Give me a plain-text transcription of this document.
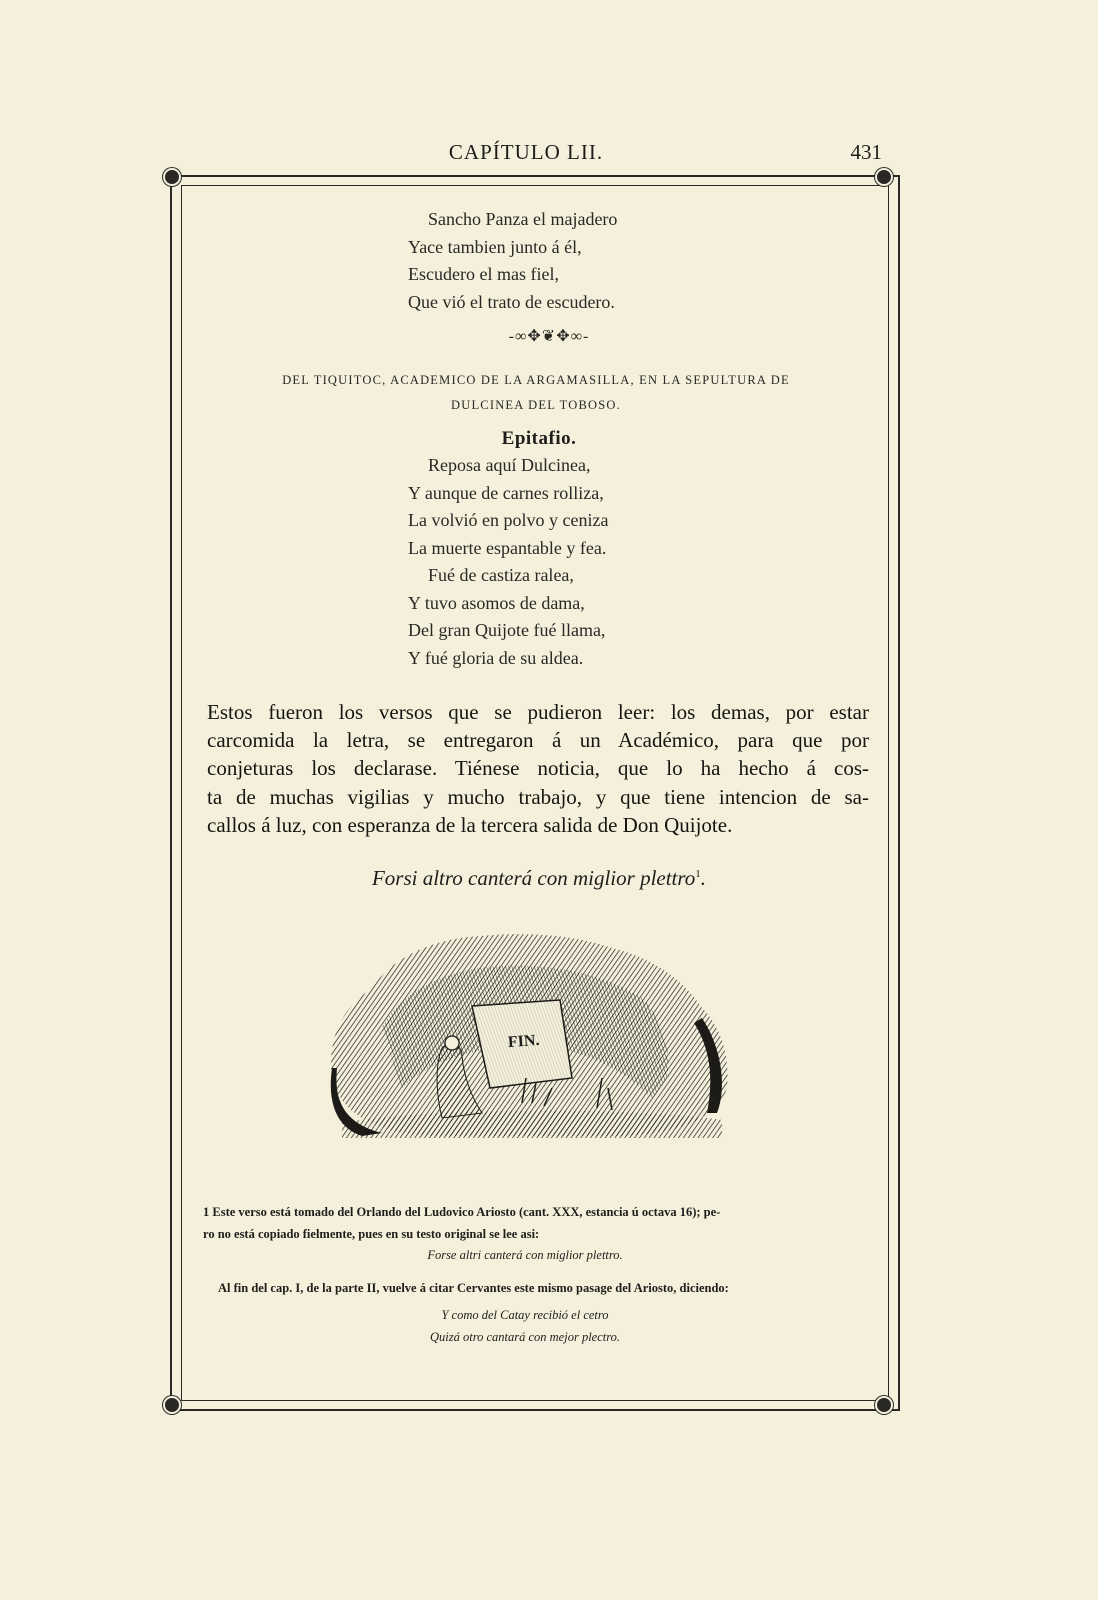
CAPÍTULO LII.	431
Sancho Panza el majadero
Yace tambien junto á él,
Escudero el mas fiel,
Que vió el trato de escudero.
-∞✥❦✥∞-
DEL TIQUITOC, ACADEMICO DE LA ARGAMASILLA, EN LA SEPULTURA DE
DULCINEA DEL TOBOSO.
Epitafio.
Reposa aquí Dulcinea,
Y aunque de carnes rolliza,
La volvió en polvo y ceniza
La muerte espantable y fea.
Fué de castiza ralea,
Y tuvo asomos de dama,
Del gran Quijote fué llama,
Y fué gloria de su aldea.
Estos fueron los versos que se pudieron leer: los demas, por estar
carcomida la letra, se entregaron á un Académico, para que por
conjeturas los declarase. Tiénese noticia, que lo ha hecho á cos-
ta de muchas vigilias y mucho trabajo, y que tiene intencion de sa-
callos á luz, con esperanza de la tercera salida de Don Quijote.
Forsi altro canterá con miglior plettro$^1$.
FIN.
1 Este verso está tomado del Orlando del Ludovico Ariosto (cant. XXX, estancia ú octava 16); pe-
ro no está copiado fielmente, pues en su testo original se lee asi:
Forse altri canterá con miglior plettro.
Al fin del cap. I, de la parte II, vuelve á citar Cervantes este mismo pasage del Ariosto, diciendo:
Y como del Catay recibió el cetro
Quizá otro cantará con mejor plectro.
